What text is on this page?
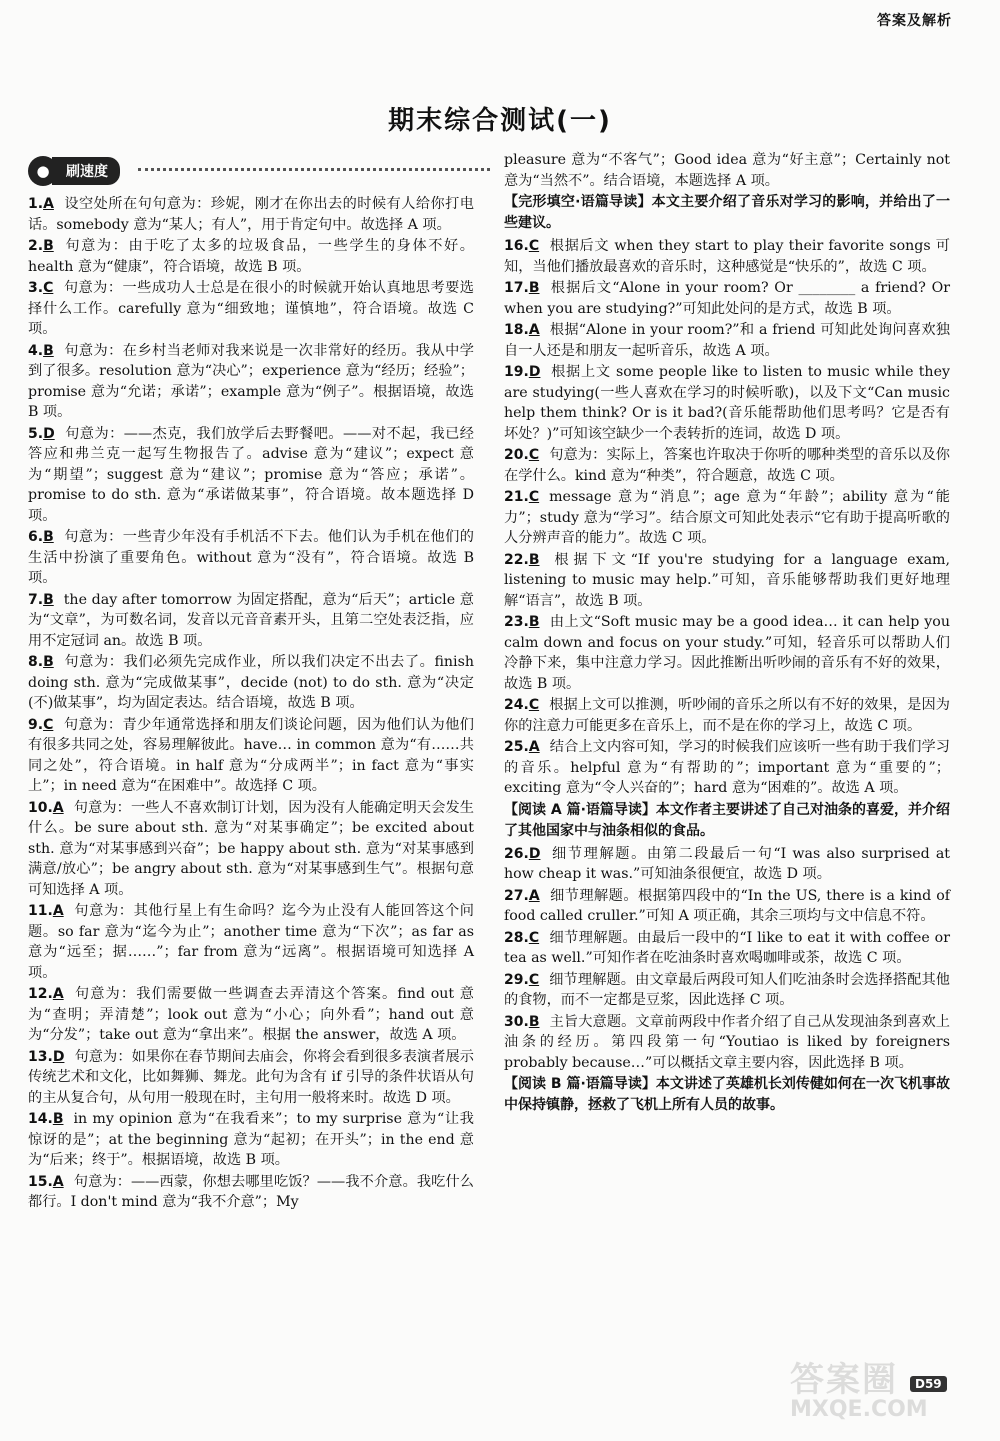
答案及解析
期末综合测试(一)
●	刷速度

1.A 设空处所在句句意为：珍妮，刚才在你出去的时候有人给你打电话。somebody 意为“某人；有人”，用于肯定句中。故选择 A 项。

2.B 句意为：由于吃了太多的垃圾食品，一些学生的身体不好。health 意为“健康”，符合语境，故选 B 项。

3.C 句意为：一些成功人士总是在很小的时候就开始认真地思考要选择什么工作。carefully 意为“细致地；谨慎地”，符合语境。故选 C 项。

4.B 句意为：在乡村当老师对我来说是一次非常好的经历。我从中学到了很多。resolution 意为“决心”；experience 意为“经历；经验”；promise 意为“允诺；承诺”；example 意为“例子”。根据语境，故选 B 项。

5.D 句意为：——杰克，我们放学后去野餐吧。——对不起，我已经答应和弗兰克一起写生物报告了。advise 意为“建议”；expect 意为“期望”；suggest 意为“建议”；promise 意为“答应；承诺”。promise to do sth. 意为“承诺做某事”，符合语境。故本题选择 D 项。

6.B 句意为：一些青少年没有手机活不下去。他们认为手机在他们的生活中扮演了重要角色。without 意为“没有”，符合语境。故选 B 项。

7.B the day after tomorrow 为固定搭配，意为“后天”；article 意为“文章”，为可数名词，发音以元音音素开头，且第二空处表泛指，应用不定冠词 an。故选 B 项。

8.B 句意为：我们必须先完成作业，所以我们决定不出去了。finish doing sth. 意为“完成做某事”，decide (not) to do sth. 意为“决定(不)做某事”，均为固定表达。结合语境，故选 B 项。

9.C 句意为：青少年通常选择和朋友们谈论问题，因为他们认为他们有很多共同之处，容易理解彼此。have… in common 意为“有……共同之处”，符合语境。in half 意为“分成两半”；in fact 意为“事实上”；in need 意为“在困难中”。故选择 C 项。

10.A 句意为：一些人不喜欢制订计划，因为没有人能确定明天会发生什么。be sure about sth. 意为“对某事确定”；be excited about sth. 意为“对某事感到兴奋”；be happy about sth. 意为“对某事感到满意/放心”；be angry about sth. 意为“对某事感到生气”。根据句意可知选择 A 项。

11.A 句意为：其他行星上有生命吗？迄今为止没有人能回答这个问题。so far 意为“迄今为止”；another time 意为“下次”；as far as 意为“远至；据……”；far from 意为“远离”。根据语境可知选择 A 项。

12.A 句意为：我们需要做一些调查去弄清这个答案。find out 意为“查明；弄清楚”；look out 意为“小心；向外看”；hand out 意为“分发”；take out 意为“拿出来”。根据 the answer，故选 A 项。

13.D 句意为：如果你在春节期间去庙会，你将会看到很多表演者展示传统艺术和文化，比如舞狮、舞龙。此句为含有 if 引导的条件状语从句的主从复合句，从句用一般现在时，主句用一般将来时。故选 D 项。

14.B in my opinion 意为“在我看来”；to my surprise 意为“让我惊讶的是”；at the beginning 意为“起初；在开头”；in the end 意为“后来；终于”。根据语境，故选 B 项。

15.A 句意为：——西蒙，你想去哪里吃饭？——我不介意。我吃什么都行。I don't mind 意为“我不介意”；My

pleasure 意为“不客气”；Good idea 意为“好主意”；Certainly not 意为“当然不”。结合语境，本题选择 A 项。

【完形填空·语篇导读】本文主要介绍了音乐对学习的影响，并给出了一些建议。

16.C 根据后文 when they start to play their favorite songs 可知，当他们播放最喜欢的音乐时，这种感觉是“快乐的”，故选 C 项。

17.B 根据后文“Alone in your room? Or ________ a friend? Or when you are studying?”可知此处问的是方式，故选 B 项。

18.A 根据“Alone in your room?”和 a friend 可知此处询问喜欢独自一人还是和朋友一起听音乐，故选 A 项。

19.D 根据上文 some people like to listen to music while they are studying(一些人喜欢在学习的时候听歌)，以及下文“Can music help them think? Or is it bad?(音乐能帮助他们思考吗？它是否有坏处？)”可知该空缺少一个表转折的连词，故选 D 项。

20.C 句意为：实际上，答案也许取决于你听的哪种类型的音乐以及你在学什么。kind 意为“种类”，符合题意，故选 C 项。

21.C message 意为“消息”；age 意为“年龄”；ability 意为“能力”；study 意为“学习”。结合原文可知此处表示“它有助于提高听歌的人分辨声音的能力”。故选 C 项。

22.B 根据下文“If you're studying for a language exam, listening to music may help.”可知，音乐能够帮助我们更好地理解“语言”，故选 B 项。

23.B 由上文“Soft music may be a good idea… it can help you calm down and focus on your study.”可知，轻音乐可以帮助人们冷静下来，集中注意力学习。因此推断出听吵闹的音乐有不好的效果，故选 B 项。

24.C 根据上文可以推测，听吵闹的音乐之所以有不好的效果，是因为你的注意力可能更多在音乐上，而不是在你的学习上，故选 C 项。

25.A 结合上文内容可知，学习的时候我们应该听一些有助于我们学习的音乐。helpful 意为“有帮助的”；important 意为“重要的”；exciting 意为“令人兴奋的”；hard 意为“困难的”。故选 A 项。

【阅读 A 篇·语篇导读】本文作者主要讲述了自己对油条的喜爱，并介绍了其他国家中与油条相似的食品。

26.D 细节理解题。由第二段最后一句“I was also surprised at how cheap it was.”可知油条很便宜，故选 D 项。

27.A 细节理解题。根据第四段中的“In the US, there is a kind of food called cruller.”可知 A 项正确，其余三项均与文中信息不符。

28.C 细节理解题。由最后一段中的“I like to eat it with coffee or tea as well.”可知作者在吃油条时喜欢喝咖啡或茶，故选 C 项。

29.C 细节理解题。由文章最后两段可知人们吃油条时会选择搭配其他的食物，而不一定都是豆浆，因此选择 C 项。

30.B 主旨大意题。文章前两段中作者介绍了自己从发现油条到喜欢上油条的经历。第四段第一句“Youtiao is liked by foreigners probably because…”可以概括文章主要内容，因此选择 B 项。

【阅读 B 篇·语篇导读】本文讲述了英雄机长刘传健如何在一次飞机事故中保持镇静，拯救了飞机上所有人员的故事。

答案圈
MXQE.COM
D59
